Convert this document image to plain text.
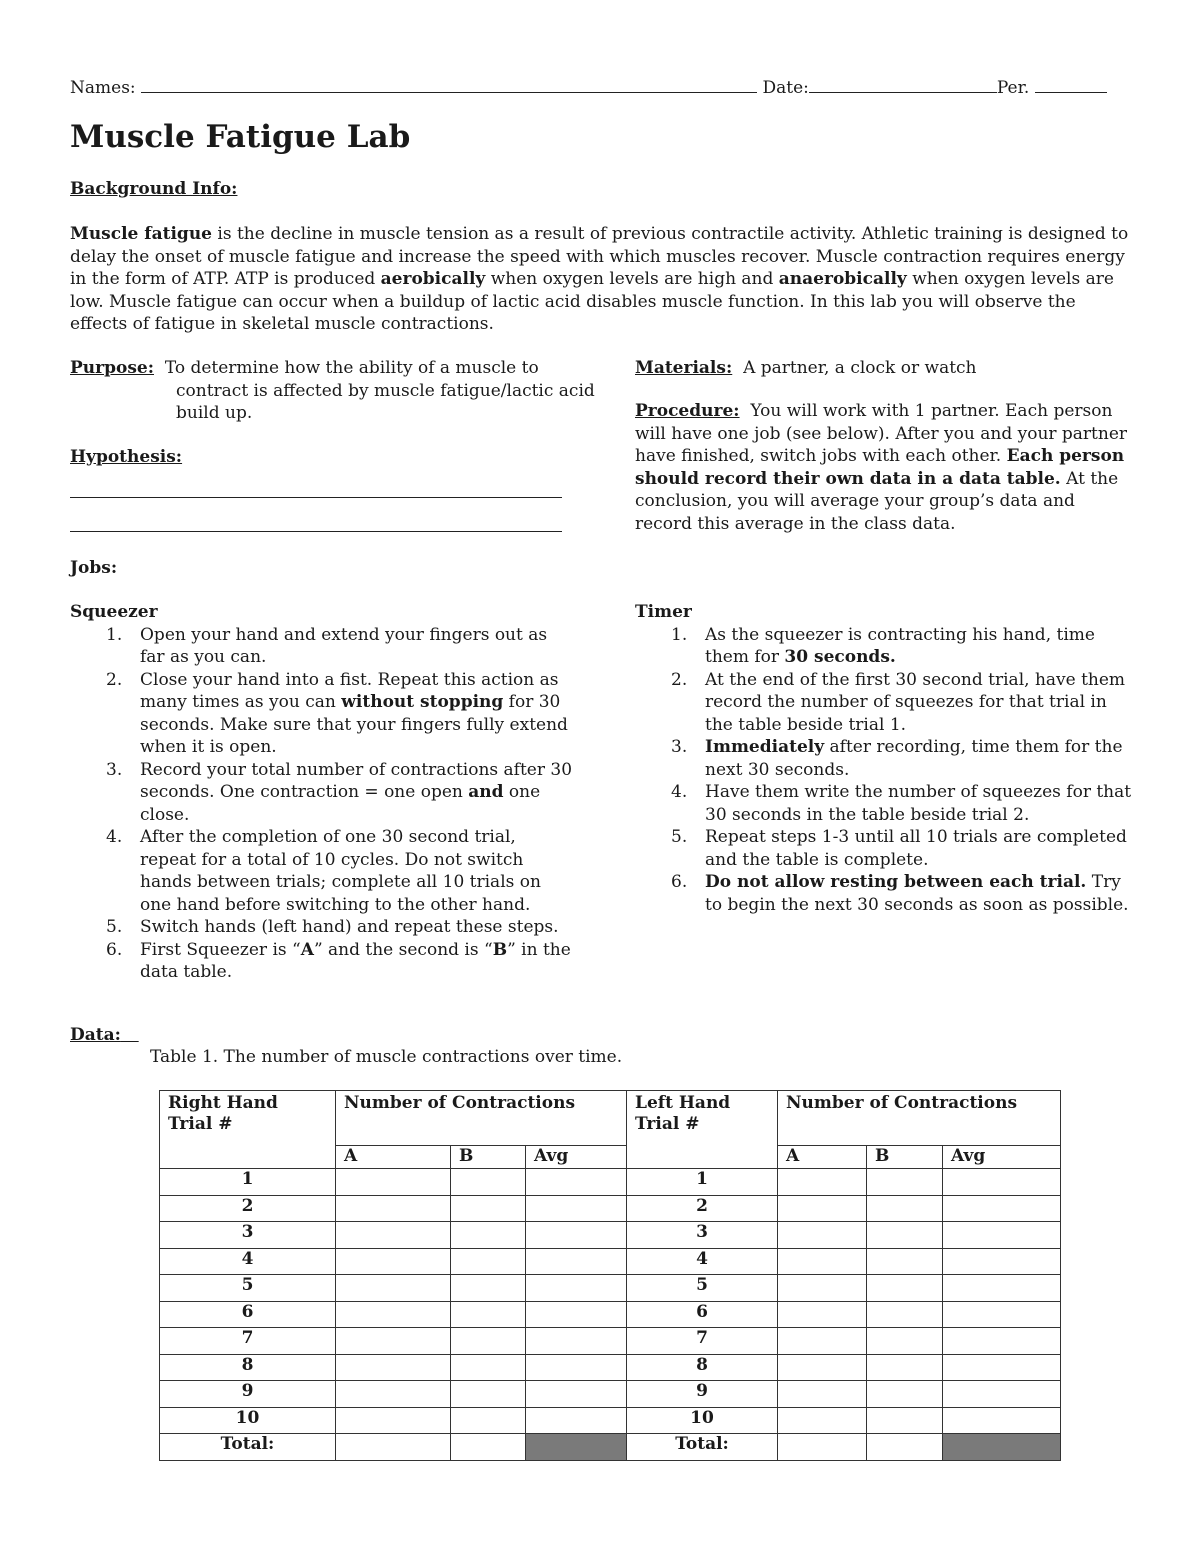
Names:	Date:	Per.
Muscle Fatigue Lab
Background Info:
Muscle fatigue is the decline in muscle tension as a result of previous contractile activity. Athletic training is designed to delay the onset of muscle fatigue and increase the speed with which muscles recover. Muscle contraction requires energy in the form of ATP. ATP is produced aerobically when oxygen levels are high and anaerobically when oxygen levels are low. Muscle fatigue can occur when a buildup of lactic acid disables muscle function. In this lab you will observe the effects of fatigue in skeletal muscle contractions.
Purpose: To determine how the ability of a muscle to
contract is affected by muscle fatigue/lactic acid
build up.
Hypothesis:
Materials: A partner, a clock or watch
Procedure: You will work with 1 partner. Each person will have one job (see below). After you and your partner have finished, switch jobs with each other. Each person should record their own data in a data table. At the conclusion, you will average your group’s data and record this average in the class data.
Jobs:
Squeezer
1. Open your hand and extend your fingers out as far as you can.
2. Close your hand into a fist. Repeat this action as many times as you can without stopping for 30 seconds. Make sure that your fingers fully extend when it is open.
3. Record your total number of contractions after 30 seconds. One contraction = one open and one close.
4. After the completion of one 30 second trial, repeat for a total of 10 cycles. Do not switch hands between trials; complete all 10 trials on one hand before switching to the other hand.
5. Switch hands (left hand) and repeat these steps.
6. First Squeezer is “A” and the second is “B” in the data table.
Timer
1. As the squeezer is contracting his hand, time them for 30 seconds.
2. At the end of the first 30 second trial, have them record the number of squeezes for that trial in the table beside trial 1.
3. Immediately after recording, time them for the next 30 seconds.
4. Have them write the number of squeezes for that 30 seconds in the table beside trial 2.
5. Repeat steps 1-3 until all 10 trials are completed and the table is complete.
6. Do not allow resting between each trial. Try to begin the next 30 seconds as soon as possible.
Data:
Table 1. The number of muscle contractions over time.
Right Hand Trial #	Number of Contractions			Left Hand Trial #	Number of Contractions		
	A	B	Avg		A	B	Avg
1				1			
2				2			
3				3			
4				4			
5				5			
6				6			
7				7			
8				8			
9				9			
10				10			
Total:				Total:			
